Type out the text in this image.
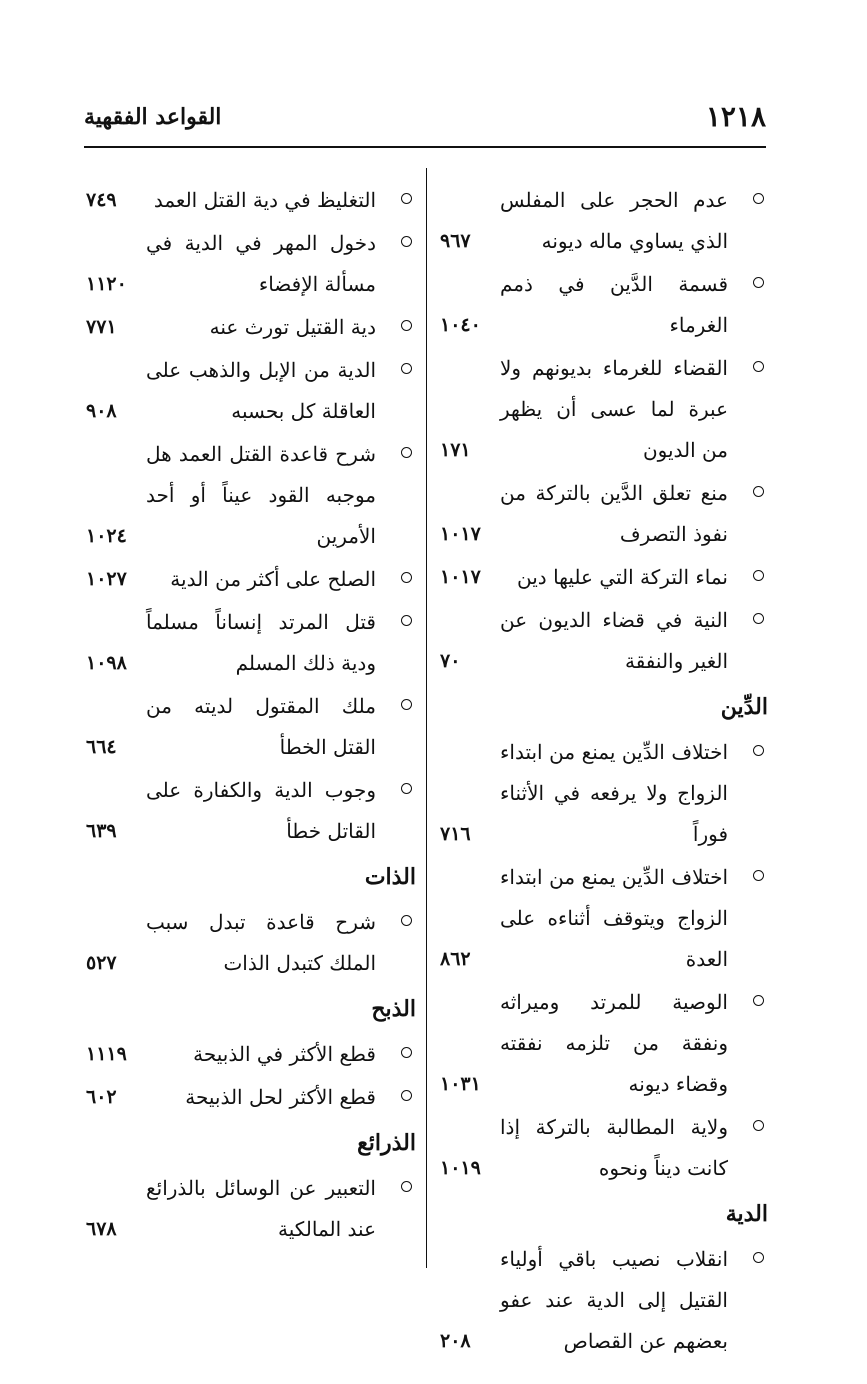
١٢١٨
القواعد الفقهية
عدم الحجر على المفلس الذي يساوي ماله ديونه
٩٦٧
قسمة الدَّين في ذمم الغرماء
١٠٤٠
القضاء للغرماء بديونهم ولا عبرة لما عسى أن يظهر من الديون
١٧١
منع تعلق الدَّين بالتركة من نفوذ التصرف
١٠١٧
نماء التركة التي عليها دين
١٠١٧
النية في قضاء الديون عن الغير والنفقة
٧٠
الدِّين
اختلاف الدِّين يمنع من ابتداء الزواج ولا يرفعه في الأثناء فوراً
٧١٦
اختلاف الدِّين يمنع من ابتداء الزواج ويتوقف أثناءه على العدة
٨٦٢
الوصية للمرتد وميراثه ونفقة من تلزمه نفقته وقضاء ديونه
١٠٣١
ولاية المطالبة بالتركة إذا كانت ديناً ونحوه
١٠١٩
الدية
انقلاب نصيب باقي أولياء القتيل إلى الدية عند عفو بعضهم عن القصاص
٢٠٨
التغليظ في دية القتل العمد
٧٤٩
دخول المهر في الدية في مسألة الإفضاء
١١٢٠
دية القتيل تورث عنه
٧٧١
الدية من الإبل والذهب على العاقلة كل بحسبه
٩٠٨
شرح قاعدة القتل العمد هل موجبه القود عيناً أو أحد الأمرين
١٠٢٤
الصلح على أكثر من الدية
١٠٢٧
قتل المرتد إنساناً مسلماً ودية ذلك المسلم
١٠٩٨
ملك المقتول لديته من القتل الخطأ
٦٦٤
وجوب الدية والكفارة على القاتل خطأ
٦٣٩
الذات
شرح قاعدة تبدل سبب الملك كتبدل الذات
٥٢٧
الذبح
قطع الأكثر في الذبيحة
١١١٩
قطع الأكثر لحل الذبيحة
٦٠٢
الذرائع
التعبير عن الوسائل بالذرائع عند المالكية
٦٧٨
